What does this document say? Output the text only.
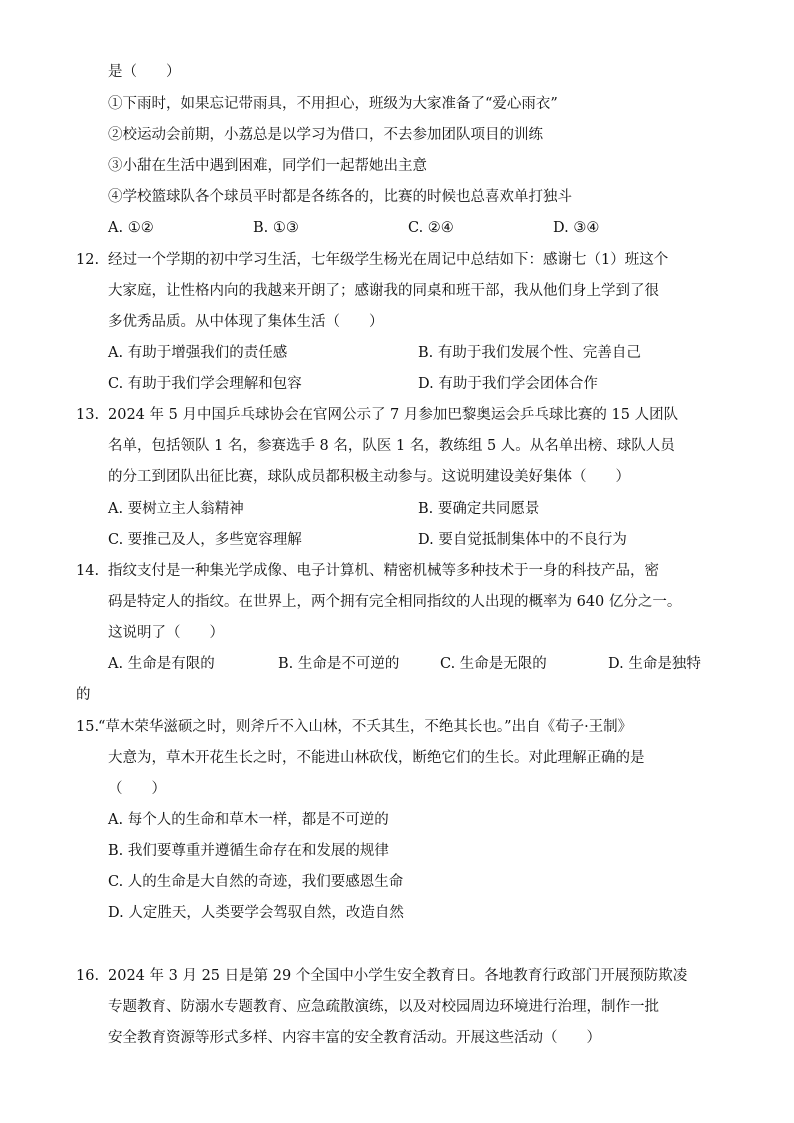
是（　　）
①下雨时，如果忘记带雨具，不用担心，班级为大家准备了“爱心雨衣”
②校运动会前期，小荔总是以学习为借口，不去参加团队项目的训练
③小甜在生活中遇到困难，同学们一起帮她出主意
④学校篮球队各个球员平时都是各练各的，比赛的时候也总喜欢单打独斗
A. ①②	B. ①③	C. ②④	D. ③④
12. 经过一个学期的初中学习生活，七年级学生杨光在周记中总结如下：感谢七（1）班这个
大家庭，让性格内向的我越来开朗了；感谢我的同桌和班干部，我从他们身上学到了很
多优秀品质。从中体现了集体生活（　　）
A. 有助于增强我们的责任感	B. 有助于我们发展个性、完善自己
C. 有助于我们学会理解和包容	D. 有助于我们学会团体合作
13. 2024 年 5 月中国乒乓球协会在官网公示了 7 月参加巴黎奥运会乒乓球比赛的 15 人团队
名单，包括领队 1 名，参赛选手 8 名，队医 1 名，教练组 5 人。从名单出榜、球队人员
的分工到团队出征比赛，球队成员都积极主动参与。这说明建设美好集体（　　）
A. 要树立主人翁精神	B. 要确定共同愿景
C. 要推己及人，多些宽容理解	D. 要自觉抵制集体中的不良行为
14. 指纹支付是一种集光学成像、电子计算机、精密机械等多种技术于一身的科技产品，密
码是特定人的指纹。在世界上，两个拥有完全相同指纹的人出现的概率为 640 亿分之一。
这说明了（　　）
A. 生命是有限的	B. 生命是不可逆的	C. 生命是无限的	D. 生命是独特
的
15.
“草木荣华滋硕之时，则斧斤不入山林，不夭其生，不绝其长也。”出自《荀子·王制》
大意为，草木开花生长之时，不能进山林砍伐，断绝它们的生长。对此理解正确的是
（　　）
A. 每个人的生命和草木一样，都是不可逆的
B. 我们要尊重并遵循生命存在和发展的规律
C. 人的生命是大自然的奇迹，我们要感恩生命
D. 人定胜天，人类要学会驾驭自然，改造自然
16. 2024 年 3 月 25 日是第 29 个全国中小学生安全教育日。各地教育行政部门开展预防欺凌
专题教育、防溺水专题教育、应急疏散演练，以及对校园周边环境进行治理，制作一批
安全教育资源等形式多样、内容丰富的安全教育活动。开展这些活动（　　）
